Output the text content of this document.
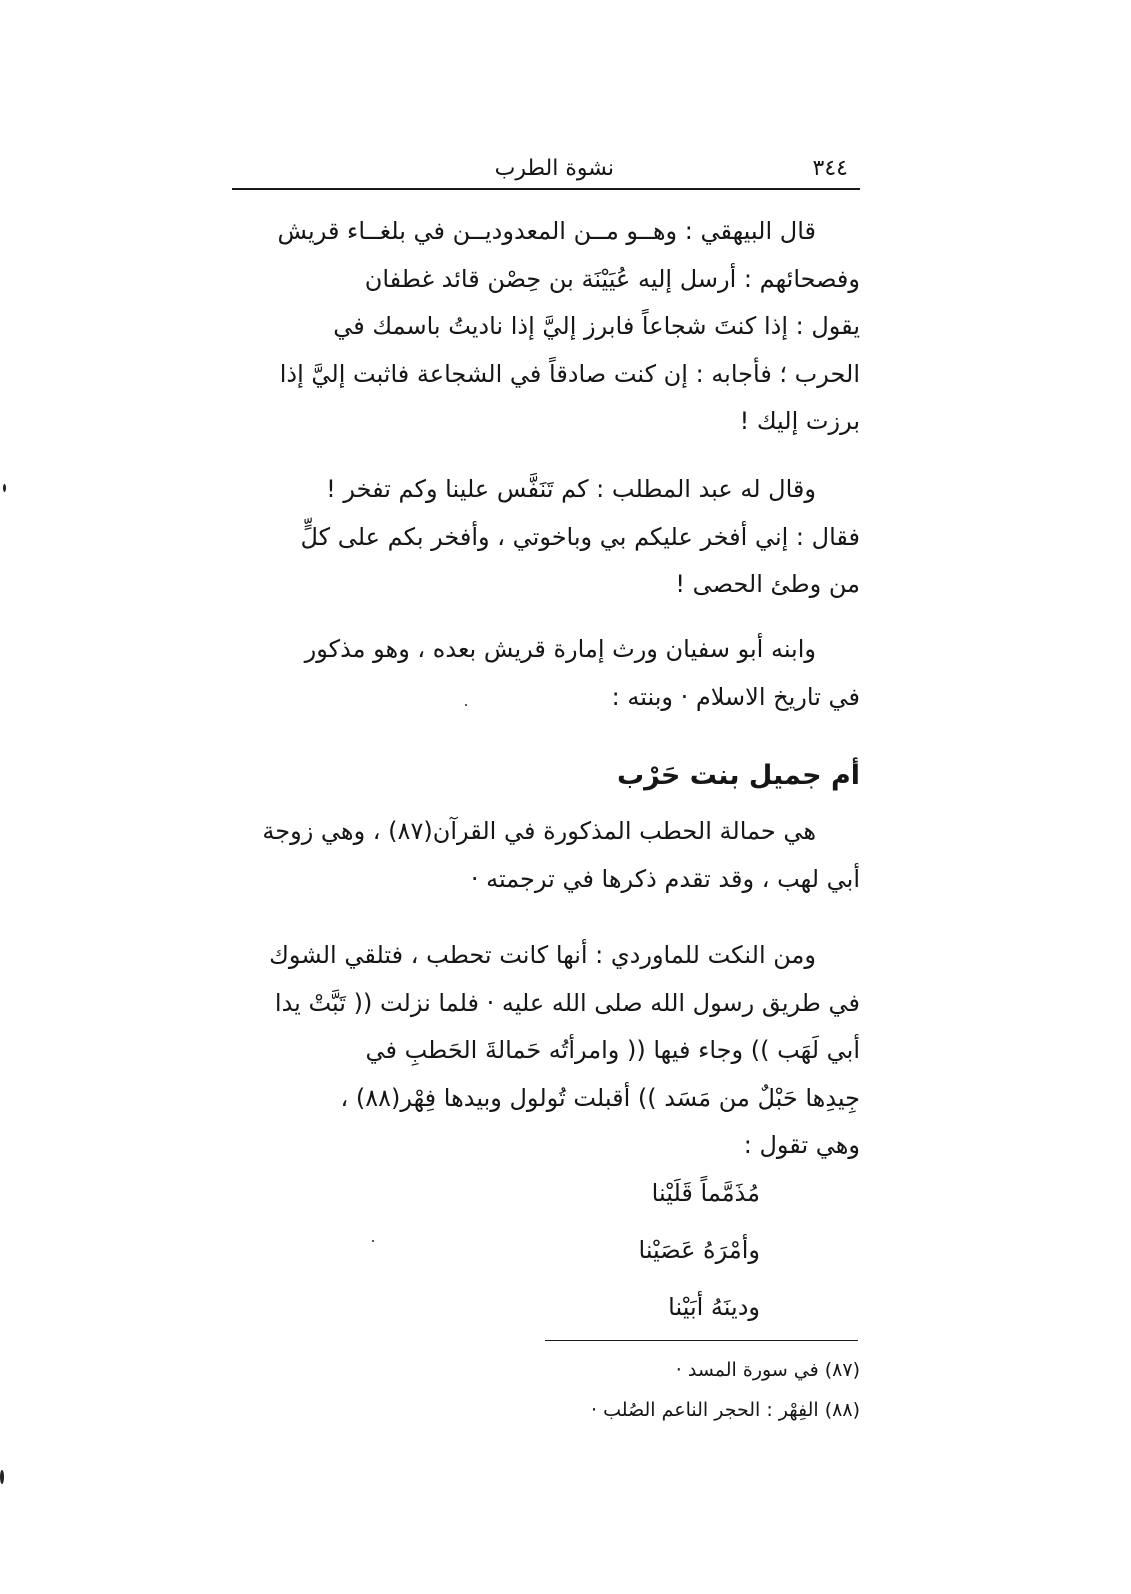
٣٤٤
نشوة الطرب
قال البيهقي : وهــو مــن المعدوديــن في بلغــاء قريش
وفصحائهم : أرسل إليه عُيَيْنَة بن حِصْن قائد غطفان
يقول : إذا كنتَ شجاعاً فابرز إليَّ إذا ناديتُ باسمك في
الحرب ؛ فأجابه : إن كنت صادقاً في الشجاعة فاثبت إليَّ إذا
برزت إليك !
وقال له عبد المطلب : كم تَنَفَّس علينا وكم تفخر !
فقال : إني أفخر عليكم بي وباخوتي ، وأفخر بكم على كلٍّ
من وطئ الحصى !
وابنه أبو سفيان ورث إمارة قريش بعده ، وهو مذكور
في تاريخ الاسلام · وبنته :
أم جميل بنت حَرْب
هي حمالة الحطب المذكورة في القرآن(٨٧) ، وهي زوجة
أبي لهب ، وقد تقدم ذكرها في ترجمته ·
ومن النكت للماوردي : أنها كانت تحطب ، فتلقي الشوك
في طريق رسول الله صلى الله عليه · فلما نزلت (( تَبَّتْ يدا
أبي لَهَب )) وجاء فيها (( وامرأتُه حَمالةَ الحَطبِ في
جِيدِها حَبْلٌ من مَسَد )) أقبلت تُولول وبيدها فِهْر(٨٨) ،
وهي تقول :
مُذَمَّماً قَلَيْنا
وأمْرَهُ عَصَيْنا
ودينَهُ أبَيْنا
(٨٧) في سورة المسد ·
(٨٨) الفِهْر : الحجر الناعم الصُلب ·
